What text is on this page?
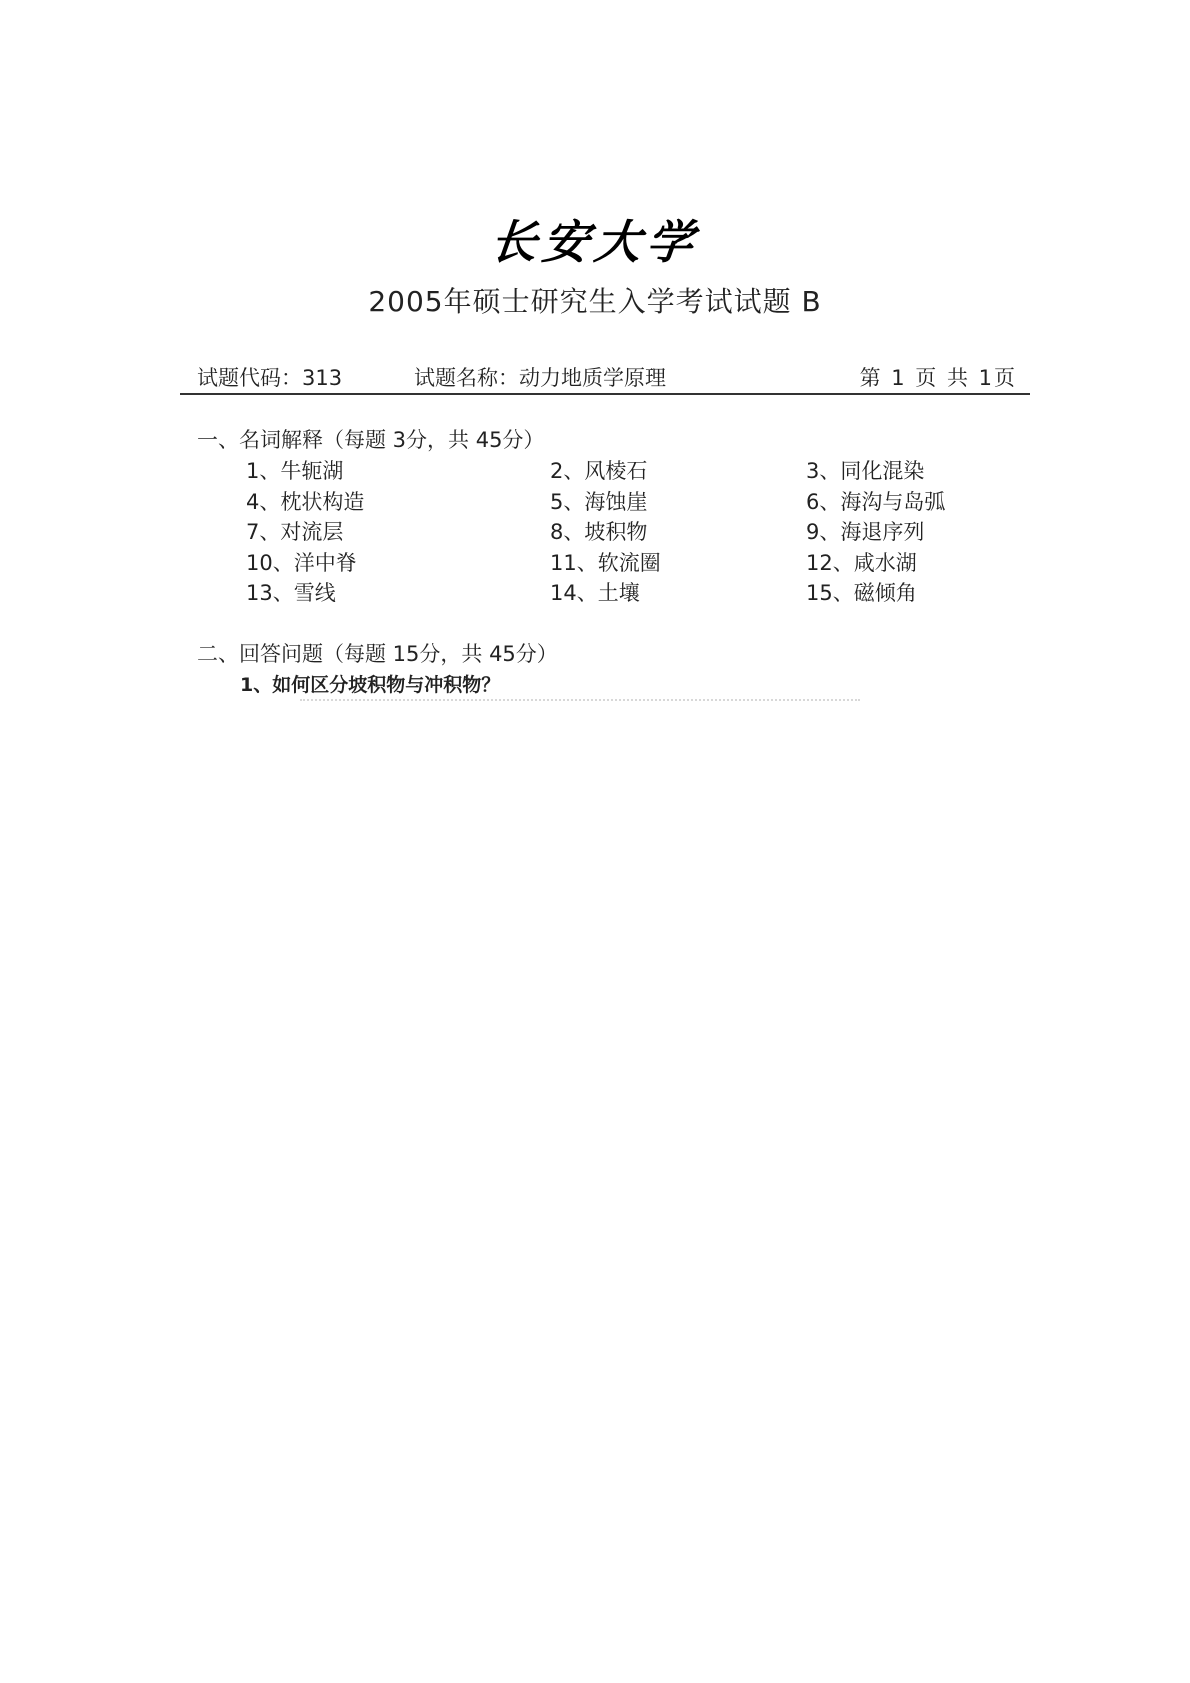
长安大学
2005年硕士研究生入学考试试题 B
试题代码：313	试题名称：动力地质学原理	第 1 页 共 1页
一、名词解释（每题 3分，共 45分）
1、牛轭湖	2、风棱石	3、同化混染
4、枕状构造	5、海蚀崖	6、海沟与岛弧
7、对流层	8、坡积物	9、海退序列
10、洋中脊	11、软流圈	12、咸水湖
13、雪线	14、土壤	15、磁倾角
二、回答问题（每题 15分，共 45分）
1、如何区分坡积物与冲积物？
